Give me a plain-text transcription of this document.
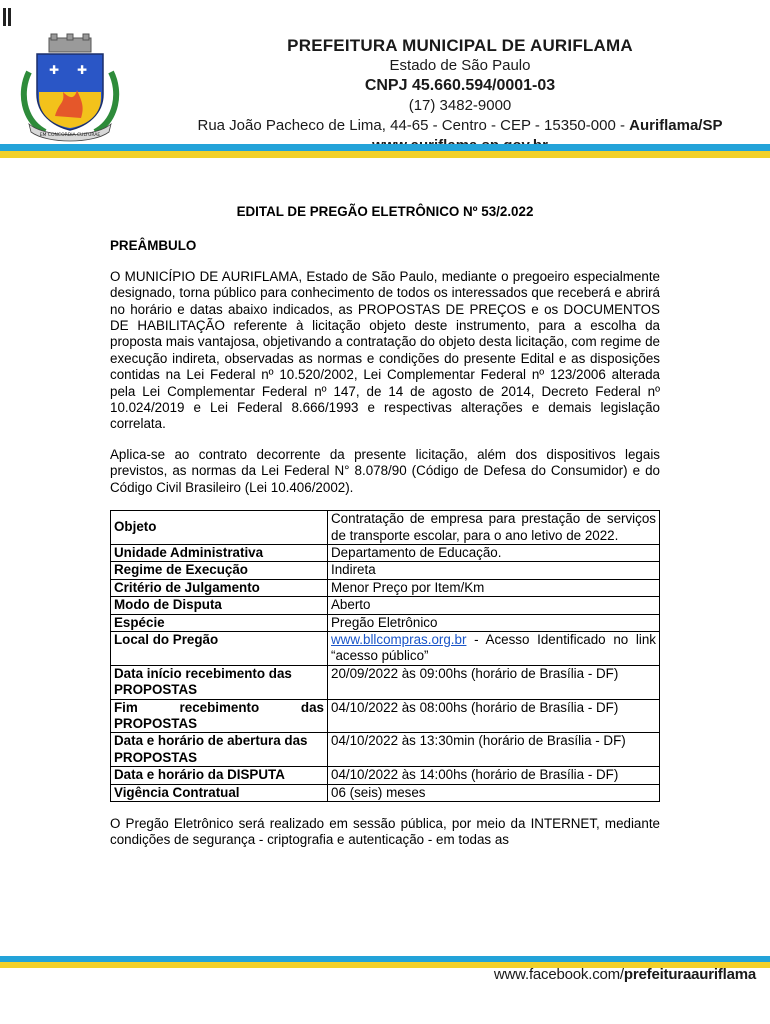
✚ ✚
EM CONCORDIA CULTURAE
PREFEITURA MUNICIPAL DE AURIFLAMA
Estado de São Paulo
CNPJ 45.660.594/0001-03
(17) 3482-9000
Rua João Pacheco de Lima, 44-65 - Centro - CEP - 15350-000 - Auriflama/SP
EDITAL DE PREGÃO ELETRÔNICO Nº 53/2.022
PREÂMBULO
O MUNICÍPIO DE AURIFLAMA, Estado de São Paulo, mediante o pregoeiro especialmente designado, torna público para conhecimento de todos os interessados que receberá e abrirá no horário e datas abaixo indicados, as PROPOSTAS DE PREÇOS e os DOCUMENTOS DE HABILITAÇÃO referente à licitação objeto deste instrumento, para a escolha da proposta mais vantajosa, objetivando a contratação do objeto desta licitação, com regime de execução indireta, observadas as normas e condições do presente Edital e as disposições contidas na Lei Federal nº 10.520/2002, Lei Complementar Federal nº 123/2006 alterada pela Lei Complementar Federal nº 147, de 14 de agosto de 2014, Decreto Federal nº 10.024/2019 e Lei Federal 8.666/1993 e respectivas alterações e demais legislação correlata.
Aplica-se ao contrato decorrente da presente licitação, além dos dispositivos legais previstos, as normas da Lei Federal N° 8.078/90 (Código de Defesa do Consumidor) e do Código Civil Brasileiro (Lei 10.406/2002).
Objeto	Contratação de empresa para prestação de serviços de transporte escolar, para o ano letivo de 2022.
Unidade Administrativa	Departamento de Educação.
Regime de Execução	Indireta
Critério de Julgamento	Menor Preço por Item/Km
Modo de Disputa	Aberto
Espécie	Pregão Eletrônico
Local do Pregão	www.bllcompras.org.br - Acesso Identificado no link “acesso público”
Data início recebimento das PROPOSTAS	20/09/2022 às 09:00hs (horário de Brasília - DF)
Fim recebimento das PROPOSTAS	04/10/2022 às 08:00hs (horário de Brasília - DF)
Data e horário de abertura das PROPOSTAS	04/10/2022 às 13:30min (horário de Brasília - DF)
Data e horário da DISPUTA	04/10/2022 às 14:00hs (horário de Brasília - DF)
Vigência Contratual	06 (seis) meses
O Pregão Eletrônico será realizado em sessão pública, por meio da INTERNET, mediante condições de segurança - criptografia e autenticação - em todas as
www.facebook.com/prefeituraauriflama
